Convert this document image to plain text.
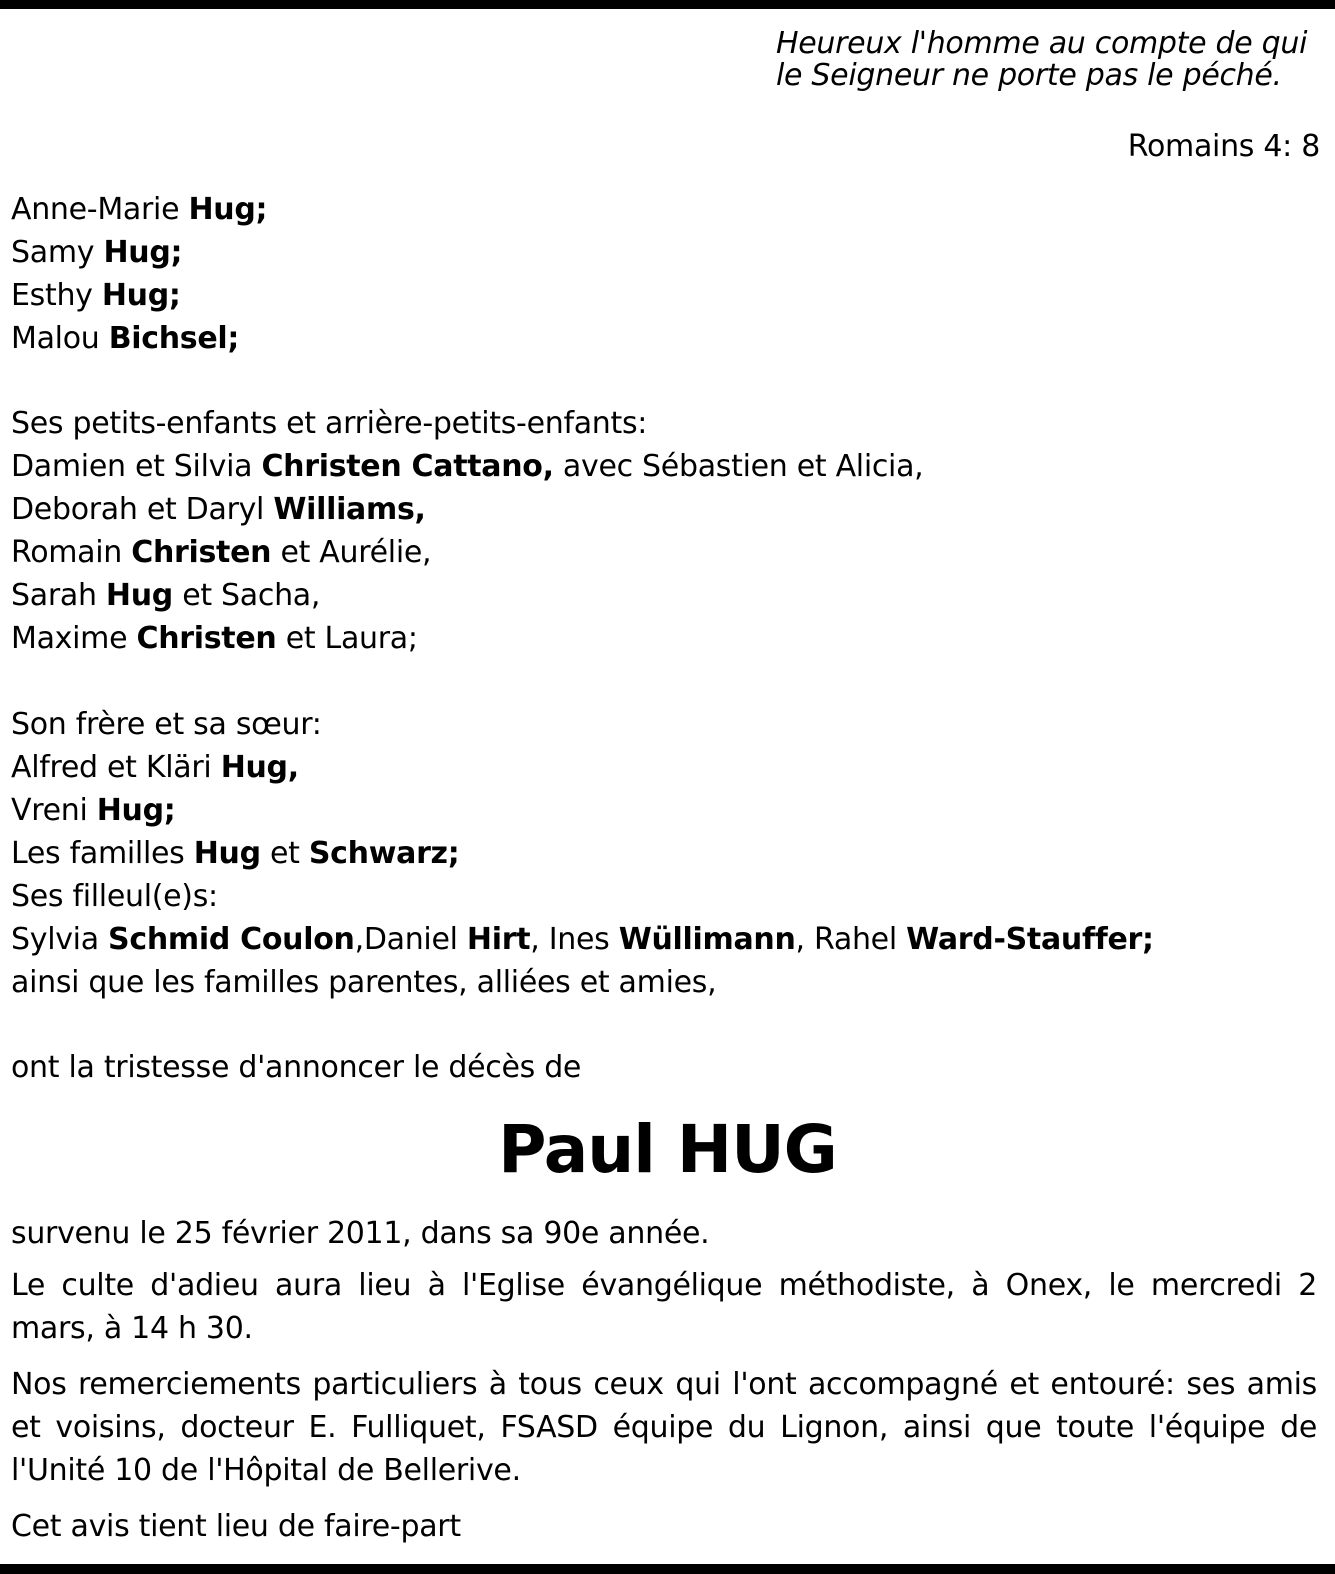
Heureux l'homme au compte de qui
le Seigneur ne porte pas le péché.
Romains 4: 8
Anne-Marie Hug;
Samy Hug;
Esthy Hug;
Malou Bichsel;
Ses petits-enfants et arrière-petits-enfants:
Damien et Silvia Christen Cattano, avec Sébastien et Alicia,
Deborah et Daryl Williams,
Romain Christen et Aurélie,
Sarah Hug et Sacha,
Maxime Christen et Laura;
Son frère et sa sœur:
Alfred et Kläri Hug,
Vreni Hug;
Les familles Hug et Schwarz;
Ses filleul(e)s:
Sylvia Schmid Coulon,Daniel Hirt, Ines Wüllimann, Rahel Ward-Stauffer;
ainsi que les familles parentes, alliées et amies,
ont la tristesse d'annoncer le décès de
Paul HUG
survenu le 25 février 2011, dans sa 90e année.
Le culte d'adieu aura lieu à l'Eglise évangélique méthodiste, à Onex, le mercredi 2 mars, à 14 h 30.
Nos remerciements particuliers à tous ceux qui l'ont accompagné et entouré: ses amis et voisins, docteur E. Fulliquet, FSASD équipe du Lignon, ainsi que toute l'équipe de l'Unité 10 de l'Hôpital de Bellerive.
Cet avis tient lieu de faire-part
